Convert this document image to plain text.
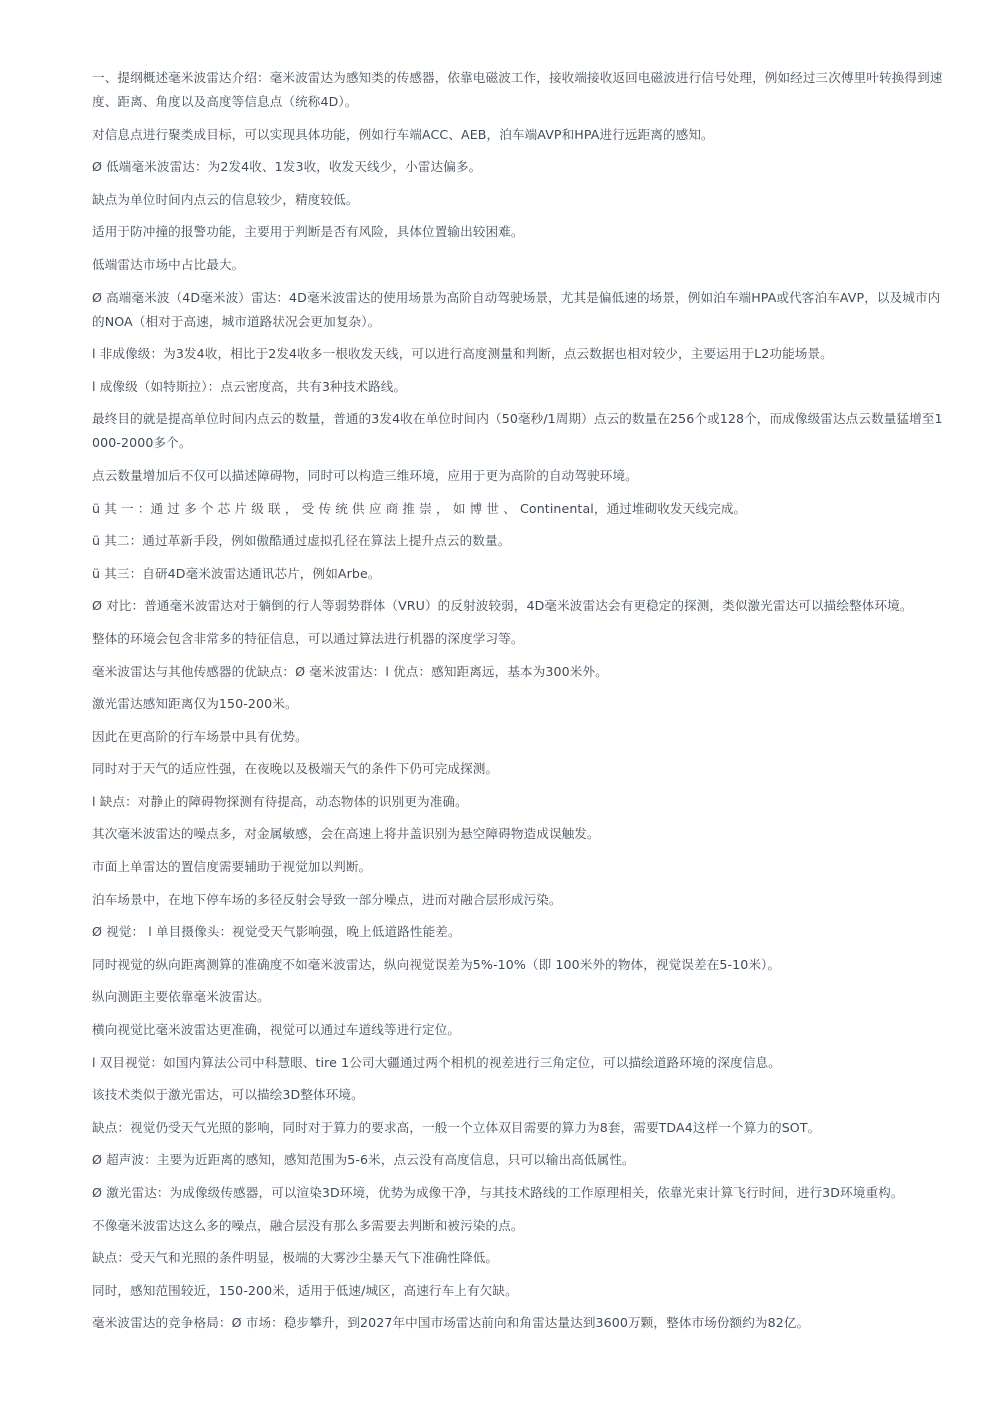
一、提纲概述毫米波雷达介绍：毫米波雷达为感知类的传感器，依靠电磁波工作，接收端接收返回电磁波进行信号处理，例如经过三次傅里叶转换得到速度、距离、角度以及高度等信息点（统称4D）。

对信息点进行聚类成目标，可以实现具体功能，例如行车端ACC、AEB，泊车端AVP和HPA进行远距离的感知。

Ø 低端毫米波雷达：为2发4收、1发3收，收发天线少，小雷达偏多。

缺点为单位时间内点云的信息较少，精度较低。

适用于防冲撞的报警功能，主要用于判断是否有风险，具体位置输出较困难。

低端雷达市场中占比最大。

Ø 高端毫米波（4D毫米波）雷达：4D毫米波雷达的使用场景为高阶自动驾驶场景，尤其是偏低速的场景，例如泊车端HPA或代客泊车AVP，以及城市内的NOA（相对于高速，城市道路状况会更加复杂）。

l 非成像级：为3发4收，相比于2发4收多一根收发天线，可以进行高度测量和判断，点云数据也相对较少，主要运用于L2功能场景。

l 成像级（如特斯拉）：点云密度高，共有3种技术路线。

最终目的就是提高单位时间内点云的数量，普通的3发4收在单位时间内（50毫秒/1周期）点云的数量在256个或128个，而成像级雷达点云数量猛增至1000-2000多个。

点云数量增加后不仅可以描述障碍物，同时可以构造三维环境，应用于更为高阶的自动驾驶环境。

ü 其 一 ：通 过 多 个 芯 片 级 联 ， 受 传 统 供 应 商 推 崇 ， 如 博 世 、 Continental，通过堆砌收发天线完成。

ü 其二：通过革新手段，例如傲酷通过虚拟孔径在算法上提升点云的数量。

ü 其三：自研4D毫米波雷达通讯芯片，例如Arbe。

Ø 对比：普通毫米波雷达对于躺倒的行人等弱势群体（VRU）的反射波较弱，4D毫米波雷达会有更稳定的探测，类似激光雷达可以描绘整体环境。

整体的环境会包含非常多的特征信息，可以通过算法进行机器的深度学习等。

毫米波雷达与其他传感器的优缺点：Ø 毫米波雷达：l 优点：感知距离远，基本为300米外。

激光雷达感知距离仅为150-200米。

因此在更高阶的行车场景中具有优势。

同时对于天气的适应性强，在夜晚以及极端天气的条件下仍可完成探测。

l 缺点：对静止的障碍物探测有待提高，动态物体的识别更为准确。

其次毫米波雷达的噪点多，对金属敏感，会在高速上将井盖识别为悬空障碍物造成误触发。

市面上单雷达的置信度需要辅助于视觉加以判断。

泊车场景中，在地下停车场的多径反射会导致一部分噪点，进而对融合层形成污染。

Ø 视觉： l 单目摄像头：视觉受天气影响强，晚上低道路性能差。

同时视觉的纵向距离测算的准确度不如毫米波雷达，纵向视觉误差为5%-10%（即 100米外的物体，视觉误差在5-10米）。

纵向测距主要依靠毫米波雷达。

横向视觉比毫米波雷达更准确，视觉可以通过车道线等进行定位。

l 双目视觉：如国内算法公司中科慧眼、tire 1公司大疆通过两个相机的视差进行三角定位，可以描绘道路环境的深度信息。

该技术类似于激光雷达，可以描绘3D整体环境。

缺点：视觉仍受天气光照的影响，同时对于算力的要求高，一般一个立体双目需要的算力为8套，需要TDA4这样一个算力的SOT。

Ø 超声波：主要为近距离的感知，感知范围为5-6米，点云没有高度信息，只可以输出高低属性。

Ø 激光雷达：为成像级传感器，可以渲染3D环境，优势为成像干净，与其技术路线的工作原理相关，依靠光束计算飞行时间，进行3D环境重构。

不像毫米波雷达这么多的噪点，融合层没有那么多需要去判断和被污染的点。

缺点：受天气和光照的条件明显，极端的大雾沙尘暴天气下准确性降低。

同时，感知范围较近，150-200米，适用于低速/城区，高速行车上有欠缺。

毫米波雷达的竞争格局：Ø 市场：稳步攀升，到2027年中国市场雷达前向和角雷达量达到3600万颗，整体市场份额约为82亿。
